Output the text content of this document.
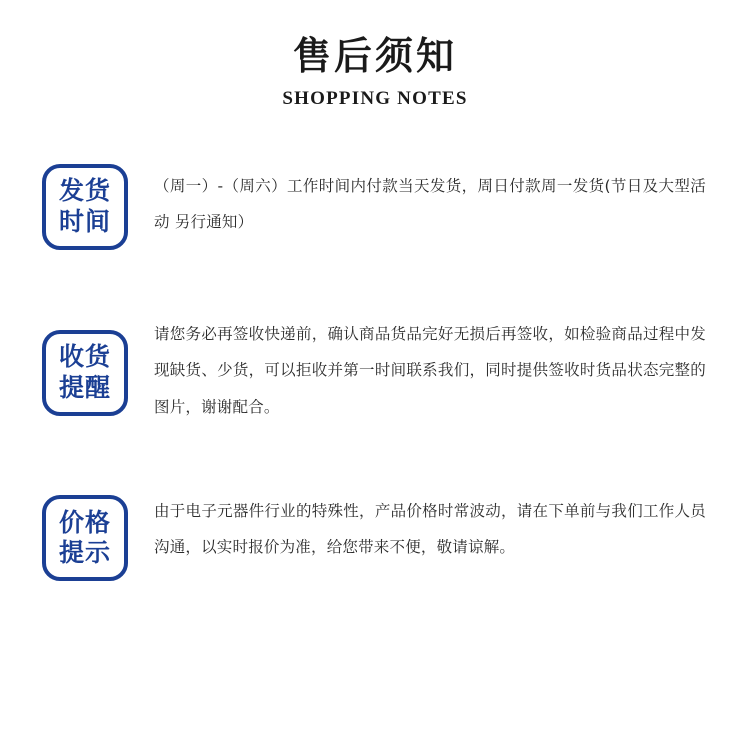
售后须知
SHOPPING NOTES
发货
时间
（周一）-（周六）工作时间内付款当天发货，周日付款周一发货(节日及大型活动 另行通知）
收货
提醒
请您务必再签收快递前，确认商品货品完好无损后再签收，如检验商品过程中发现缺货、少货，可以拒收并第一时间联系我们，同时提供签收时货品状态完整的图片，谢谢配合。
价格
提示
由于电子元器件行业的特殊性，产品价格时常波动，请在下单前与我们工作人员沟通，以实时报价为准，给您带来不便，敬请谅解。
